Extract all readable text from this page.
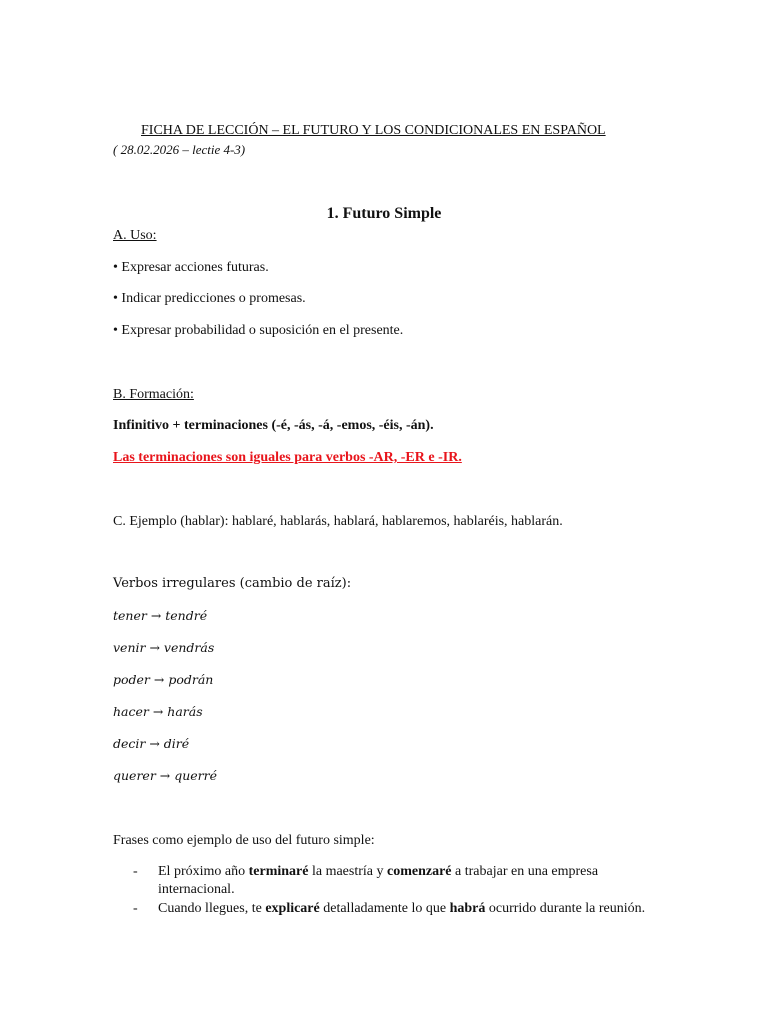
FICHA DE LECCIÓN – EL FUTURO Y LOS CONDICIONALES EN ESPAÑOL
( 28.02.2026 – lectie 4-3)
1. Futuro Simple
A. Uso:
• Expresar acciones futuras.
• Indicar predicciones o promesas.
• Expresar probabilidad o suposición en el presente.
B. Formación:
Infinitivo + terminaciones (-é, -ás, -á, -emos, -éis, -án).
Las terminaciones son iguales para verbos -AR, -ER e -IR.
C. Ejemplo (hablar): hablaré, hablarás, hablará, hablaremos, hablaréis, hablarán.
Verbos irregulares (cambio de raíz):
tener → tendré
venir → vendrás
poder → podrán
hacer → harás
decir → diré
querer → querré
Frases como ejemplo de uso del futuro simple:
- El próximo año terminaré la maestría y comenzaré a trabajar en una empresa
internacional.
- Cuando llegues, te explicaré detalladamente lo que habrá ocurrido durante la reunión.
